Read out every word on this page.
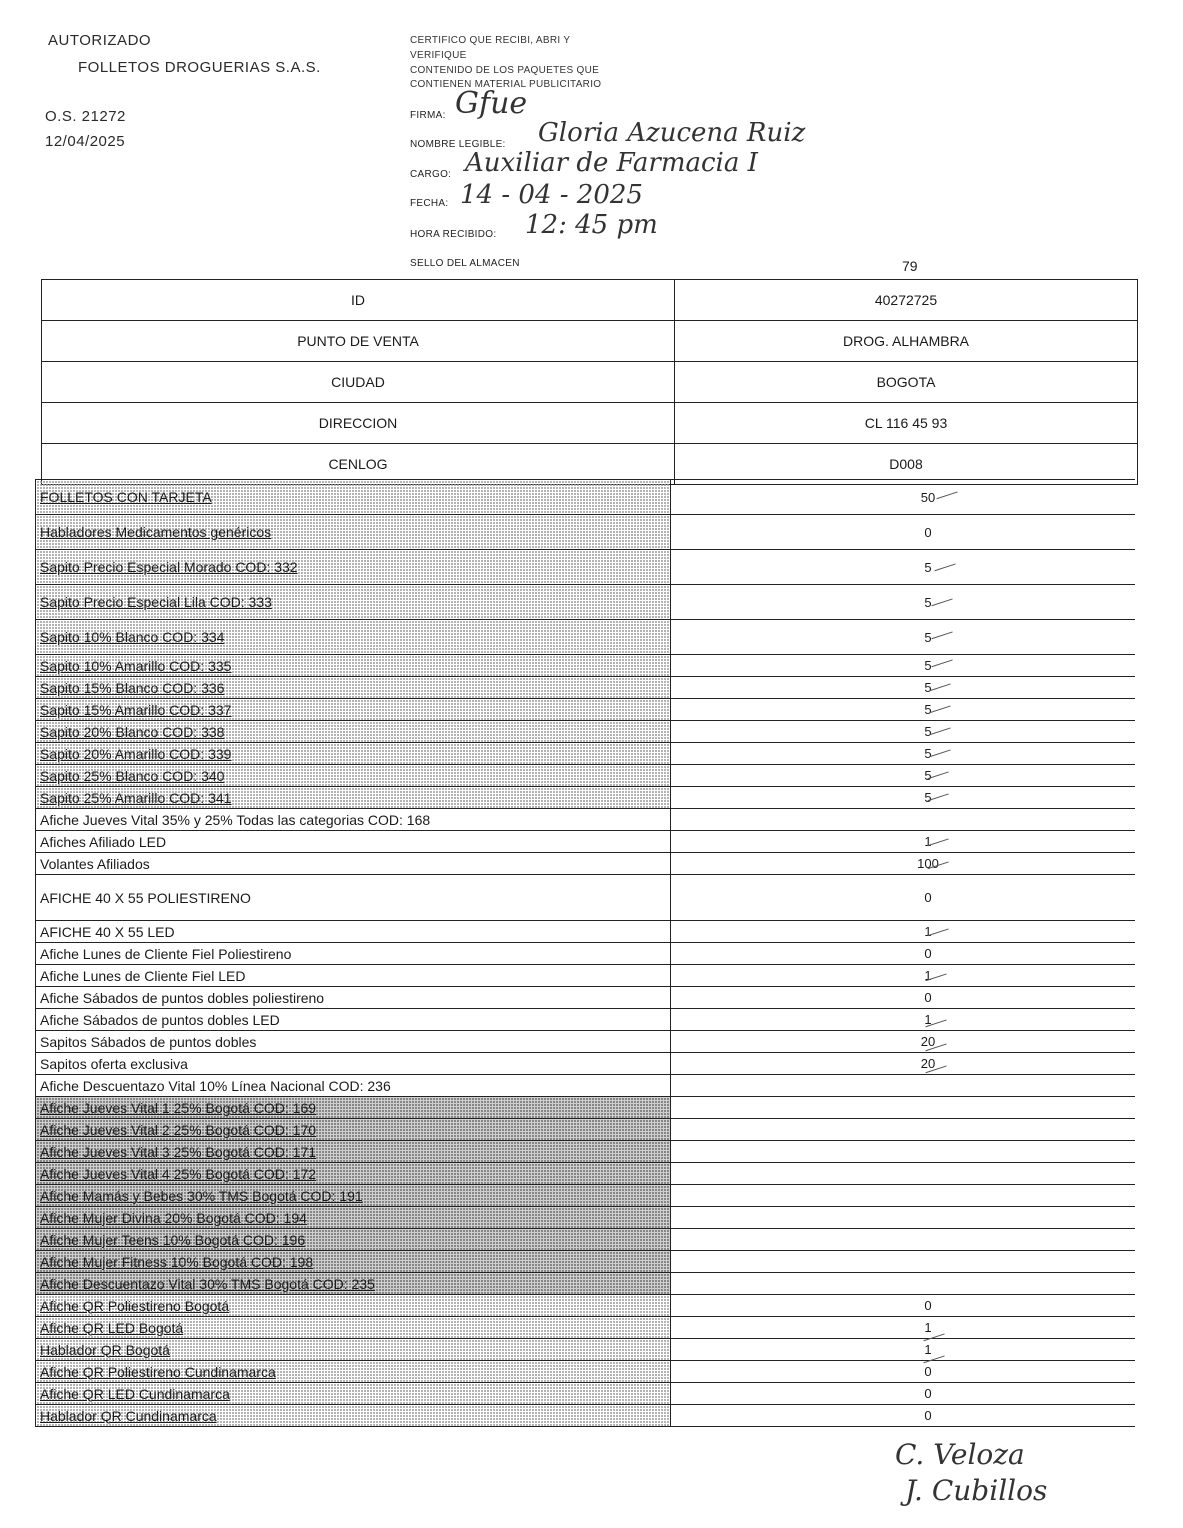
AUTORIZADO
FOLLETOS DROGUERIAS S.A.S.
O.S. 21272
12/04/2025
CERTIFICO QUE RECIBI, ABRI Y
VERIFIQUE
CONTENIDO DE LOS PAQUETES QUE
CONTIENEN MATERIAL PUBLICITARIO
FIRMA: Gfue
NOMBRE LEGIBLE: Gloria Azucena Ruiz
CARGO: Auxiliar de Farmacia I
FECHA: 14 - 04 - 2025
HORA RECIBIDO: 12: 45 pm
SELLO DEL ALMACEN	79
ID	40272725
PUNTO DE VENTA	DROG. ALHAMBRA
CIUDAD	BOGOTA
DIRECCION	CL 116 45 93
CENLOG	D008
FOLLETOS CON TARJETA	50
Habladores Medicamentos genéricos	0
Sapito Precio Especial Morado COD: 332	5
Sapito Precio Especial Lila COD: 333	5
Sapito 10% Blanco COD: 334	5
Sapito 10% Amarillo COD: 335	5
Sapito 15% Blanco COD: 336	5
Sapito 15% Amarillo COD: 337	5
Sapito 20% Blanco COD: 338	5
Sapito 20% Amarillo COD: 339	5
Sapito 25% Blanco COD: 340	5
Sapito 25% Amarillo COD: 341	5
Afiche Jueves Vital 35% y 25% Todas las categorias COD: 168	
Afiches Afiliado LED	1
Volantes Afiliados	100
AFICHE 40 X 55 POLIESTIRENO	0
AFICHE 40 X 55 LED	1
Afiche Lunes de Cliente Fiel Poliestireno	0
Afiche Lunes de Cliente Fiel LED	1
Afiche Sábados de puntos dobles poliestireno	0
Afiche Sábados de puntos dobles LED	1
Sapitos Sábados de puntos dobles	20
Sapitos oferta exclusiva	20
Afiche Descuentazo Vital 10% Línea Nacional COD: 236	
Afiche Jueves Vital 1 25% Bogotá COD: 169	
Afiche Jueves Vital 2 25% Bogotá COD: 170	
Afiche Jueves Vital 3 25% Bogotá COD: 171	
Afiche Jueves Vital 4 25% Bogotá COD: 172	
Afiche Mamás y Bebes 30% TMS Bogotá COD: 191	
Afiche Mujer Divina 20% Bogotá COD: 194	
Afiche Mujer Teens 10% Bogotá COD: 196	
Afiche Mujer Fitness 10% Bogotá COD: 198	
Afiche Descuentazo Vital 30% TMS Bogotá COD: 235	
Afiche QR Poliestireno Bogotá	0
Afiche QR LED Bogotá	1
Hablador QR Bogotá	1
Afiche QR Poliestireno Cundinamarca	0
Afiche QR LED Cundinamarca	0
Hablador QR Cundinamarca	0
C. Veloza
J. Cubillos
